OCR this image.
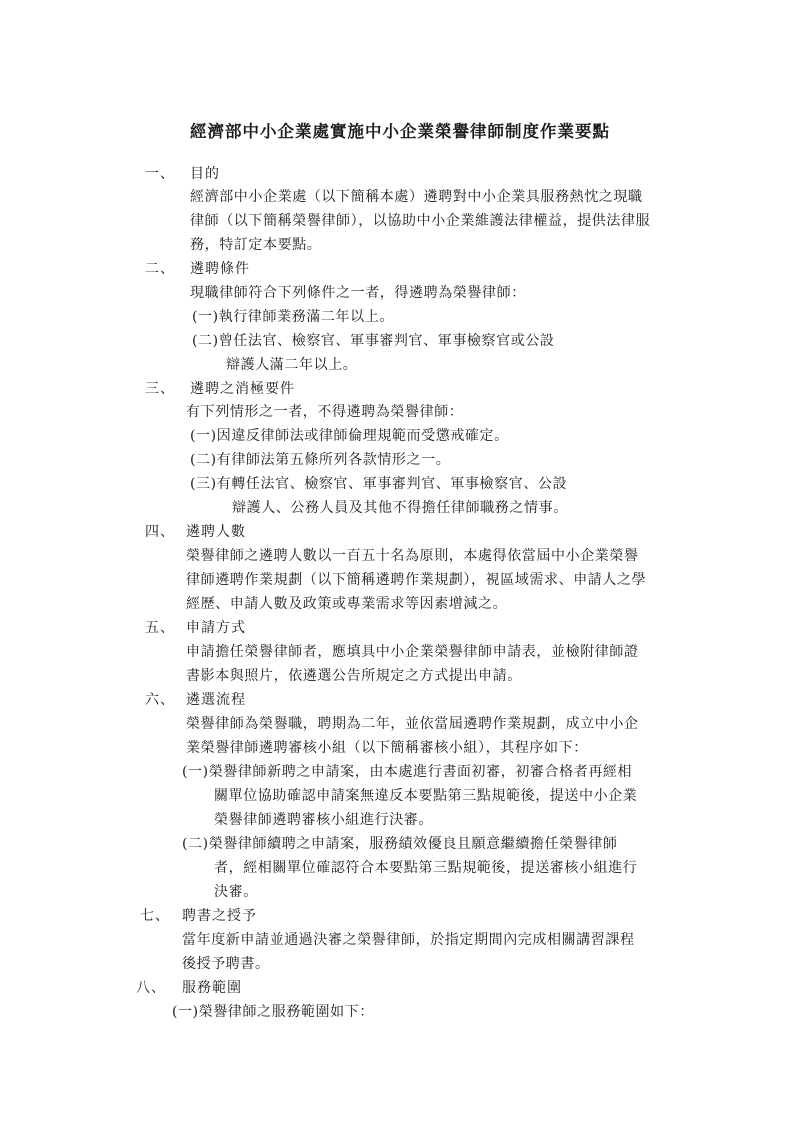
經濟部中小企業處實施中小企業榮譽律師制度作業要點
一、 目的
經濟部中小企業處（以下簡稱本處）遴聘對中小企業具服務熱忱之現職
律師（以下簡稱榮譽律師），以協助中小企業維護法律權益，提供法律服
務，特訂定本要點。
二、 遴聘條件
現職律師符合下列條件之一者，得遴聘為榮譽律師：
(一)執行律師業務滿二年以上。
(二)曾任法官、檢察官、軍事審判官、軍事檢察官或公設
辯護人滿二年以上。
三、 遴聘之消極要件
有下列情形之一者，不得遴聘為榮譽律師：
(一)因違反律師法或律師倫理規範而受懲戒確定。
(二)有律師法第五條所列各款情形之一。
(三)有轉任法官、檢察官、軍事審判官、軍事檢察官、公設
辯護人、公務人員及其他不得擔任律師職務之情事。
四、 遴聘人數
榮譽律師之遴聘人數以一百五十名為原則，本處得依當屆中小企業榮譽
律師遴聘作業規劃（以下簡稱遴聘作業規劃），視區域需求、申請人之學
經歷、申請人數及政策或專業需求等因素增減之。
五、 申請方式
申請擔任榮譽律師者，應填具中小企業榮譽律師申請表，並檢附律師證
書影本與照片，依遴選公告所規定之方式提出申請。
六、 遴選流程
榮譽律師為榮譽職，聘期為二年，並依當屆遴聘作業規劃，成立中小企
業榮譽律師遴聘審核小組（以下簡稱審核小組），其程序如下：
(一)榮譽律師新聘之申請案，由本處進行書面初審，初審合格者再經相
關單位協助確認申請案無違反本要點第三點規範後，提送中小企業
榮譽律師遴聘審核小組進行決審。
(二)榮譽律師續聘之申請案，服務績效優良且願意繼續擔任榮譽律師
者，經相關單位確認符合本要點第三點規範後，提送審核小組進行
決審。
七、 聘書之授予
當年度新申請並通過決審之榮譽律師，於指定期間內完成相關講習課程
後授予聘書。
八、 服務範圍
(一)榮譽律師之服務範圍如下：
